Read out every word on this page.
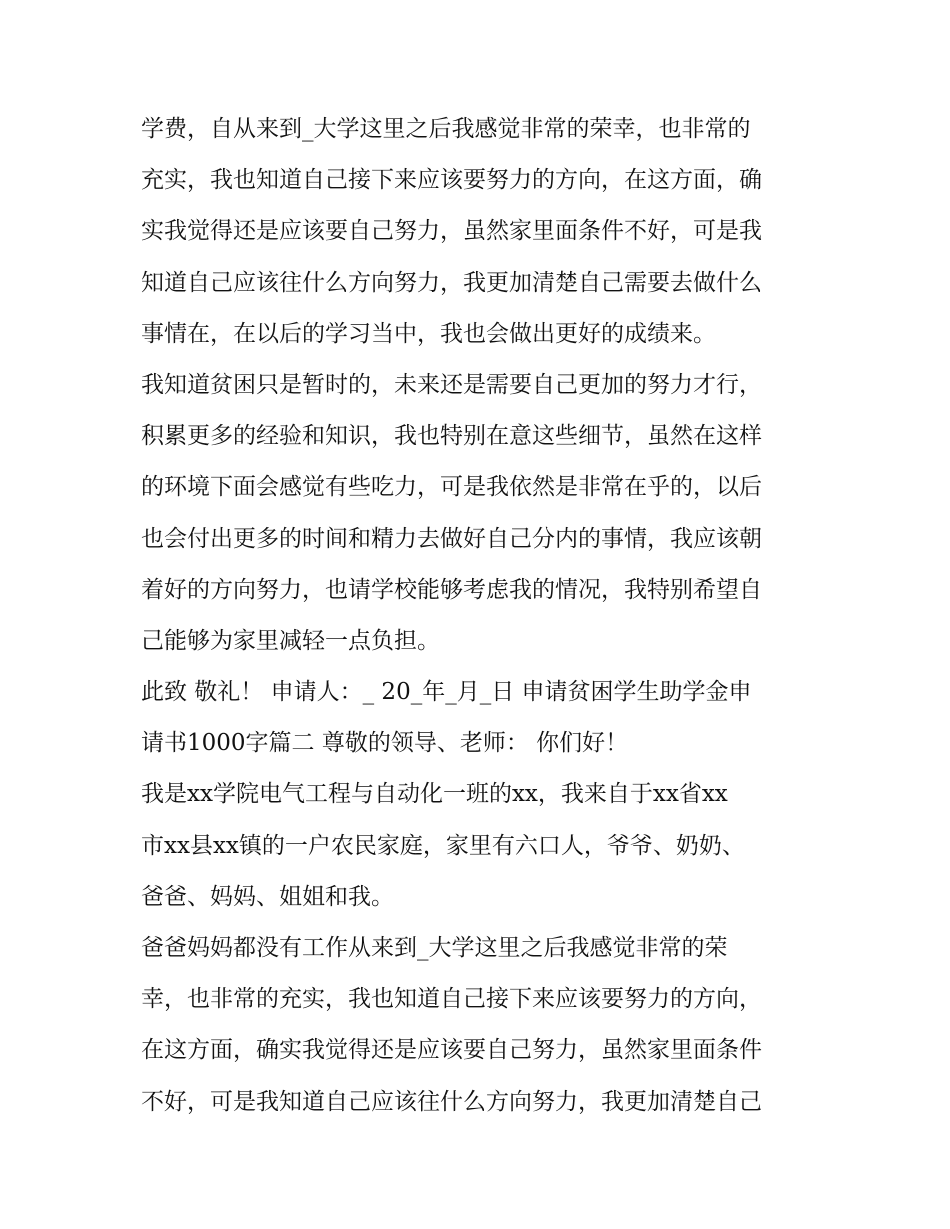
学费，自从来到_大学这里之后我感觉非常的荣幸，也非常的
充实，我也知道自己接下来应该要努力的方向，在这方面，确
实我觉得还是应该要自己努力，虽然家里面条件不好，可是我
知道自己应该往什么方向努力，我更加清楚自己需要去做什么
事情在，在以后的学习当中，我也会做出更好的成绩来。
我知道贫困只是暂时的，未来还是需要自己更加的努力才行，
积累更多的经验和知识，我也特别在意这些细节，虽然在这样
的环境下面会感觉有些吃力，可是我依然是非常在乎的，以后
也会付出更多的时间和精力去做好自己分内的事情，我应该朝
着好的方向努力，也请学校能够考虑我的情况，我特别希望自
己能够为家里减轻一点负担。
此致 敬礼！ 申请人：_ 20_年_月_日 申请贫困学生助学金申
请书1000字篇二 尊敬的领导、老师： 你们好！
我是xx学院电气工程与自动化一班的xx，我来自于xx省xx
市xx县xx镇的一户农民家庭，家里有六口人，爷爷、奶奶、
爸爸、妈妈、姐姐和我。
爸爸妈妈都没有工作从来到_大学这里之后我感觉非常的荣
幸，也非常的充实，我也知道自己接下来应该要努力的方向，
在这方面，确实我觉得还是应该要自己努力，虽然家里面条件
不好，可是我知道自己应该往什么方向努力，我更加清楚自己
